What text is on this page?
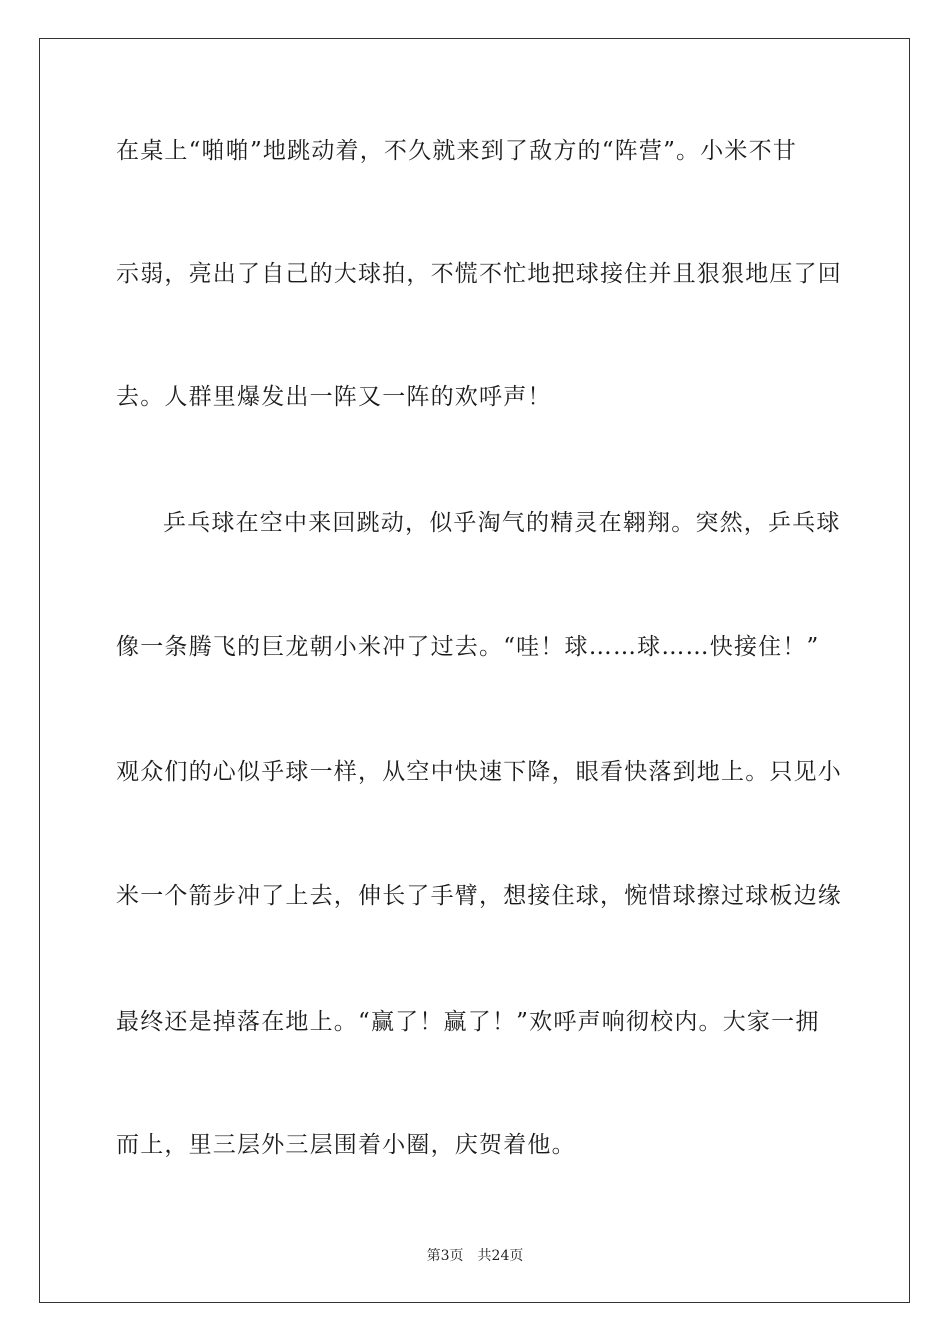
在桌上“啪啪”地跳动着，不久就来到了敌方的“阵营”。小米不甘
示弱，亮出了自己的大球拍，不慌不忙地把球接住并且狠狠地压了回
去。人群里爆发出一阵又一阵的欢呼声！
乒乓球在空中来回跳动，似乎淘气的精灵在翱翔。突然，乒乓球
像一条腾飞的巨龙朝小米冲了过去。“哇！球……球……快接住！”
观众们的心似乎球一样，从空中快速下降，眼看快落到地上。只见小
米一个箭步冲了上去，伸长了手臂，想接住球，惋惜球擦过球板边缘
最终还是掉落在地上。“赢了！赢了！”欢呼声响彻校内。大家一拥
而上，里三层外三层围着小圈，庆贺着他。
第3页 共24页
